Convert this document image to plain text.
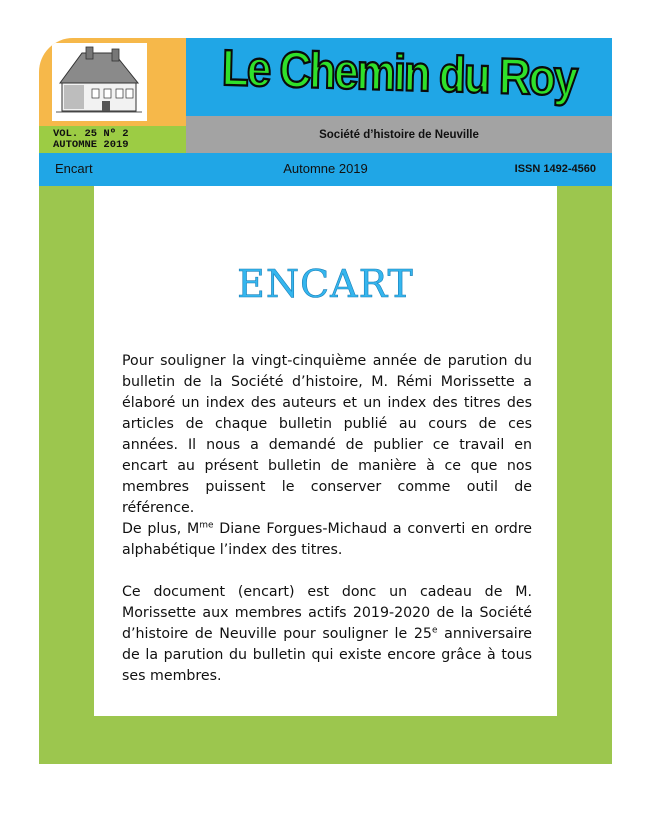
Le Chemin du Roy
VOL. 25 Nº 2
AUTOMNE 2019
Société d’histoire de Neuville
Encart	Automne 2019	ISSN 1492-4560
ENCART

Pour souligner la vingt-cinquième année de parution du bulletin de la Société d’histoire, M. Rémi Morissette a élaboré un index des auteurs et un index des titres des articles de chaque bulletin publié au cours de ces années. Il nous a demandé de publier ce travail en encart au présent bulletin de manière à ce que nos membres puissent le conserver comme outil de référence.

De plus, $M^{me}$ Diane Forgues-Michaud a converti en ordre alphabétique l’index des titres.

Ce document (encart) est donc un cadeau de M. Morissette aux membres actifs 2019-2020 de la Société d’histoire de Neuville pour souligner le 25e anniversaire de la parution du bulletin qui existe encore grâce à tous ses membres.
